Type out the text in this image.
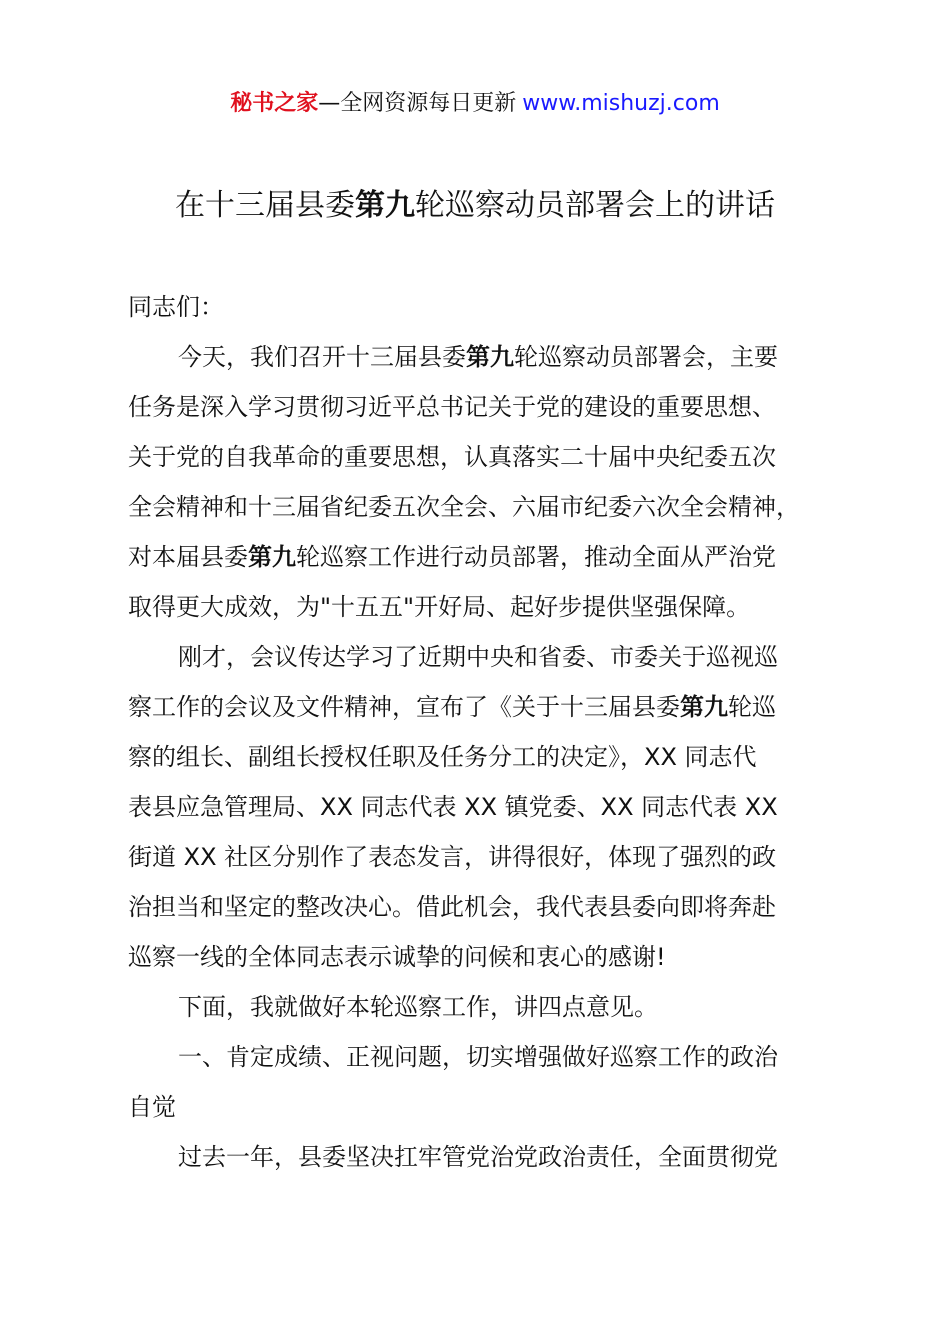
秘书之家—全网资源每日更新 www.mishuzj.com
在十三届县委第九轮巡察动员部署会上的讲话
同志们：
今天，我们召开十三届县委第九轮巡察动员部署会，主要
任务是深入学习贯彻习近平总书记关于党的建设的重要思想、
关于党的自我革命的重要思想，认真落实二十届中央纪委五次
全会精神和十三届省纪委五次全会、六届市纪委六次全会精神，
对本届县委第九轮巡察工作进行动员部署，推动全面从严治党
取得更大成效，为"十五五"开好局、起好步提供坚强保障。
刚才，会议传达学习了近期中央和省委、市委关于巡视巡
察工作的会议及文件精神，宣布了《关于十三届县委第九轮巡
察的组长、副组长授权任职及任务分工的决定》，XX 同志代
表县应急管理局、XX 同志代表 XX 镇党委、XX 同志代表 XX
街道 XX 社区分别作了表态发言，讲得很好，体现了强烈的政
治担当和坚定的整改决心。借此机会，我代表县委向即将奔赴
巡察一线的全体同志表示诚挚的问候和衷心的感谢!
下面，我就做好本轮巡察工作，讲四点意见。
一、肯定成绩、正视问题，切实增强做好巡察工作的政治
自觉
过去一年，县委坚决扛牢管党治党政治责任，全面贯彻党
